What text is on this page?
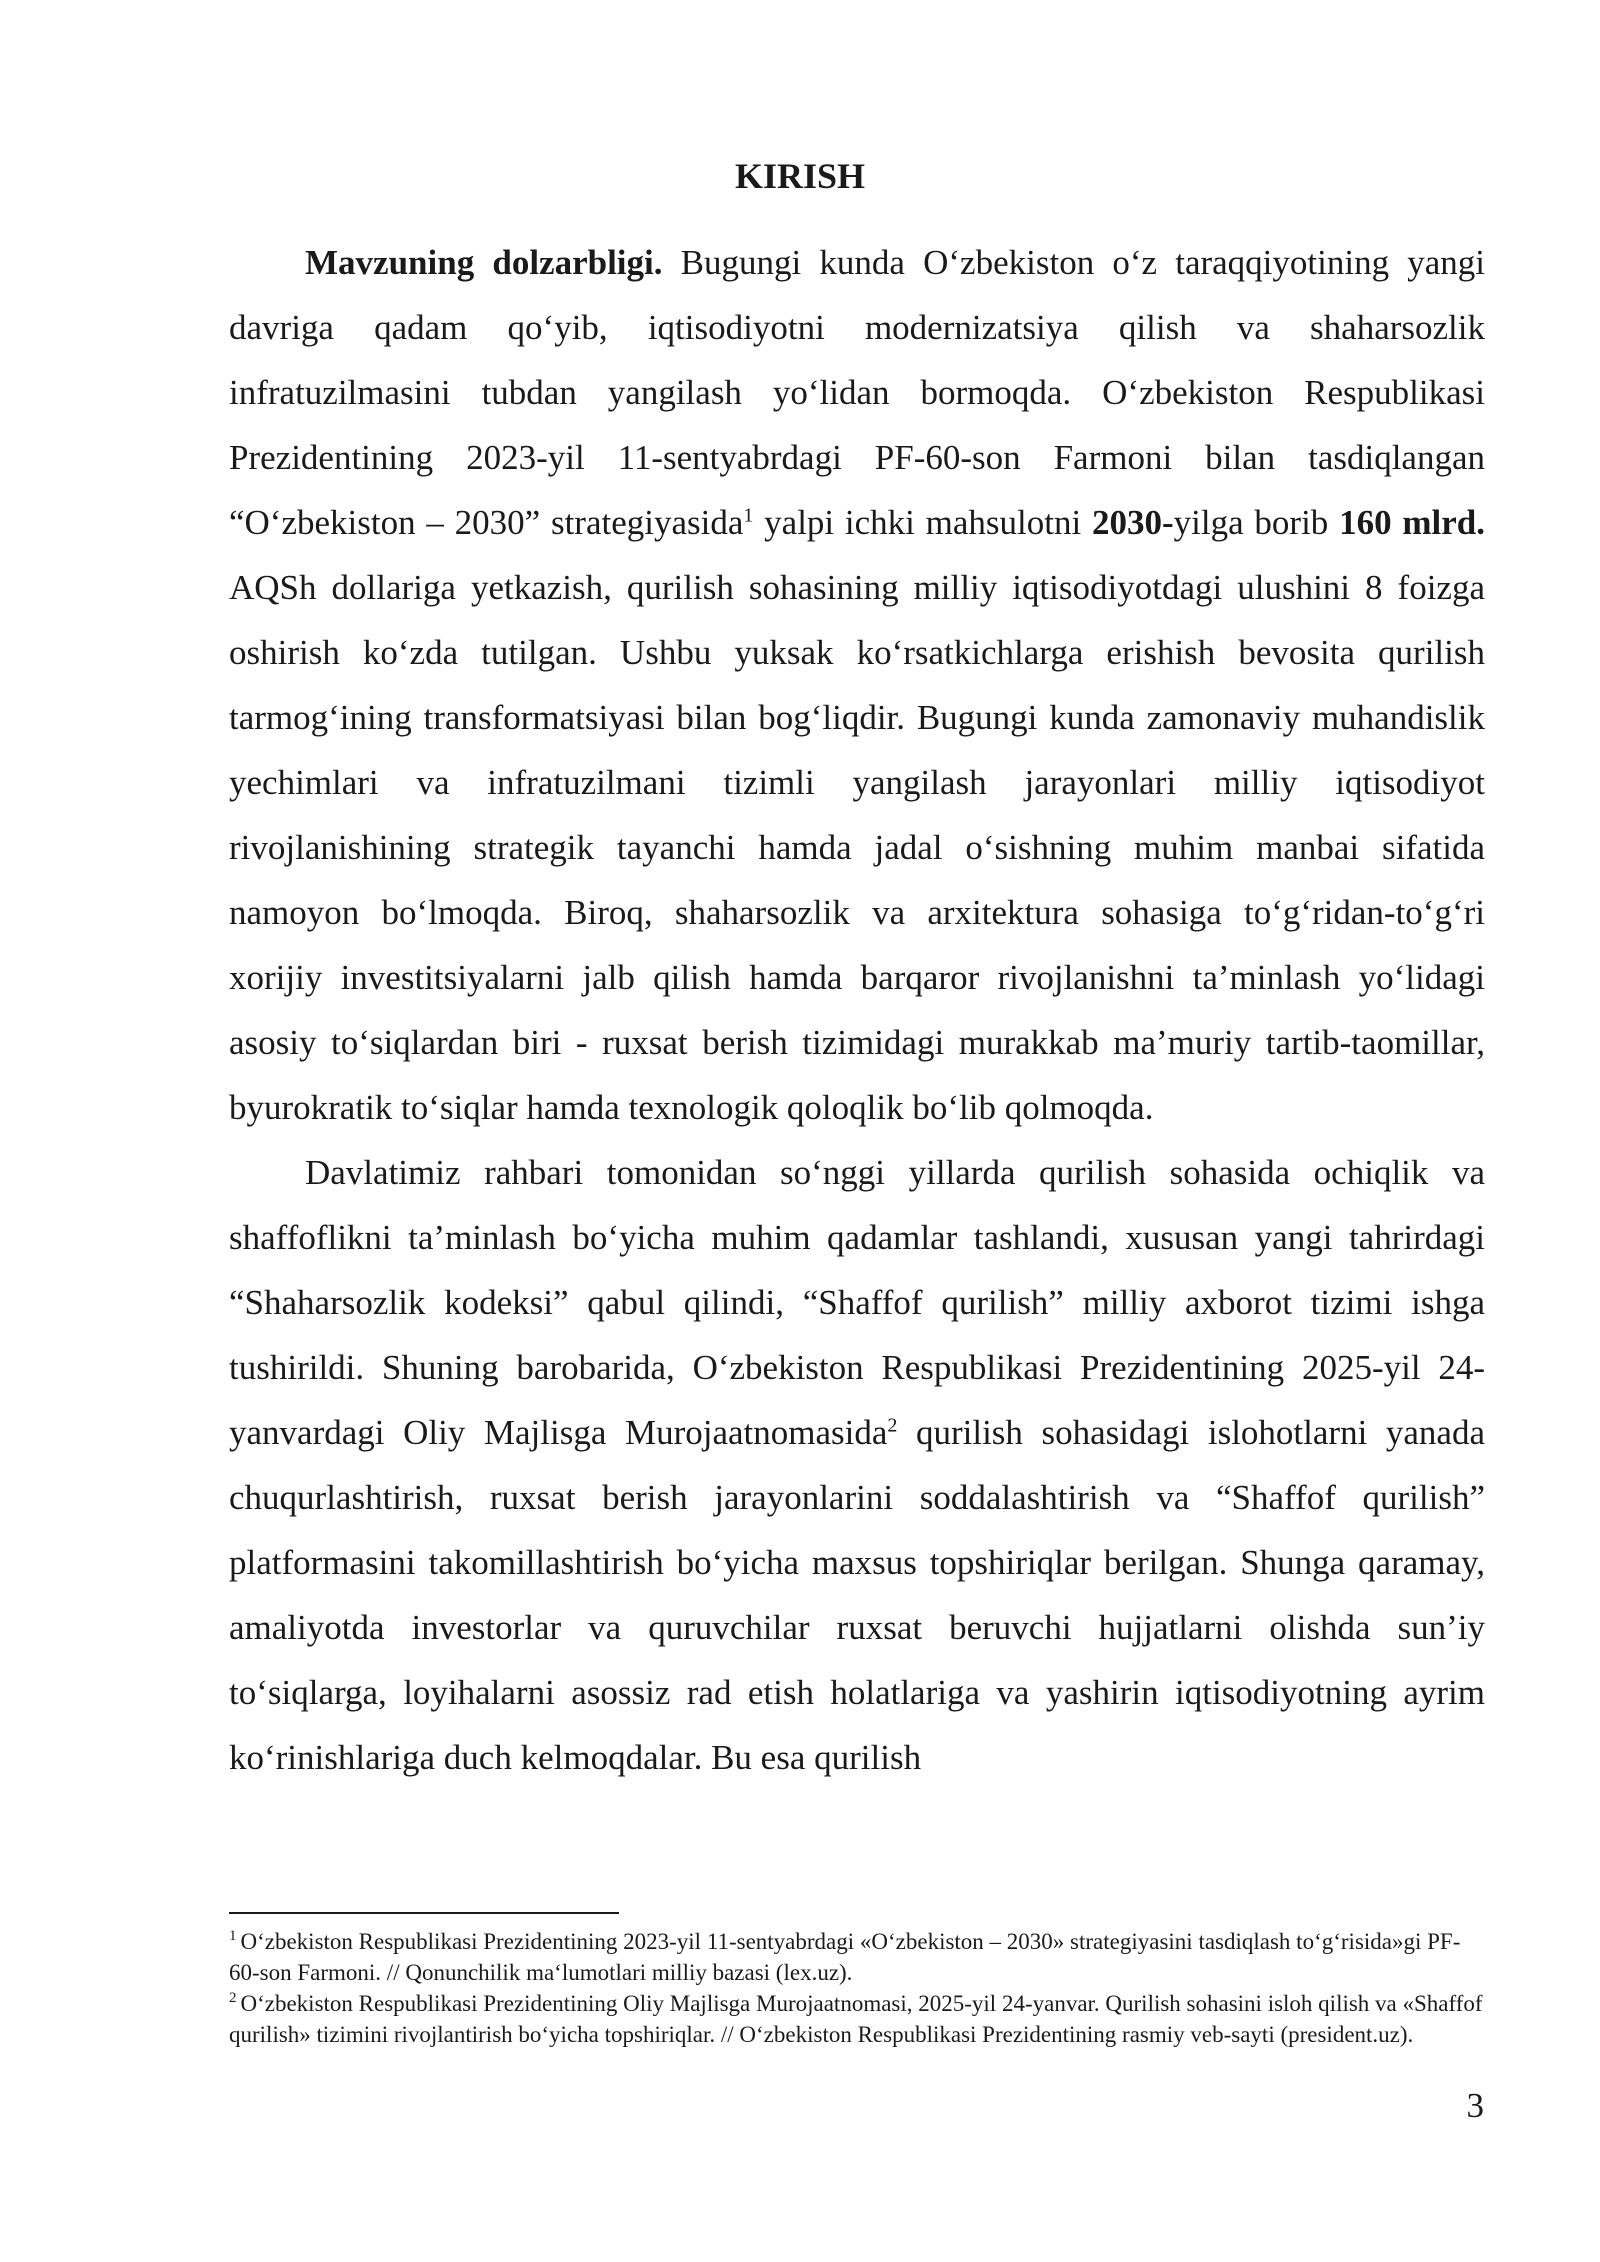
KIRISH

Mavzuning dolzarbligi. Bugungi kunda O‘zbekiston o‘z taraqqiyotining yangi davriga qadam qo‘yib, iqtisodiyotni modernizatsiya qilish va shaharsozlik infratuzilmasini tubdan yangilash yo‘lidan bormoqda. O‘zbekiston Respublikasi Prezidentining 2023-yil 11-sentyabrdagi PF-60-son Farmoni bilan tasdiqlangan “O‘zbekiston – 2030” strategiyasida$^1$ yalpi ichki mahsulotni 2030-yilga borib 160 mlrd. AQSh dollariga yetkazish, qurilish sohasining milliy iqtisodiyotdagi ulushini 8 foizga oshirish ko‘zda tutilgan. Ushbu yuksak ko‘rsatkichlarga erishish bevosita qurilish tarmog‘ining transformatsiyasi bilan bog‘liqdir. Bugungi kunda zamonaviy muhandislik yechimlari va infratuzilmani tizimli yangilash jarayonlari milliy iqtisodiyot rivojlanishining strategik tayanchi hamda jadal o‘sishning muhim manbai sifatida namoyon bo‘lmoqda. Biroq, shaharsozlik va arxitektura sohasiga to‘g‘ridan-to‘g‘ri xorijiy investitsiyalarni jalb qilish hamda barqaror rivojlanishni ta’minlash yo‘lidagi asosiy to‘siqlardan biri - ruxsat berish tizimidagi murakkab ma’muriy tartib-taomillar, byurokratik to‘siqlar hamda texnologik qoloqlik bo‘lib qolmoqda.

Davlatimiz rahbari tomonidan so‘nggi yillarda qurilish sohasida ochiqlik va shaffoflikni ta’minlash bo‘yicha muhim qadamlar tashlandi, xususan yangi tahrirdagi “Shaharsozlik kodeksi” qabul qilindi, “Shaffof qurilish” milliy axborot tizimi ishga tushirildi. Shuning barobarida, O‘zbekiston Respublikasi Prezidentining 2025-yil 24-yanvardagi Oliy Majlisga Murojaatnomasida$^2$ qurilish sohasidagi islohotlarni yanada chuqurlashtirish, ruxsat berish jarayonlarini soddalashtirish va “Shaffof qurilish” platformasini takomillashtirish bo‘yicha maxsus topshiriqlar berilgan. Shunga qaramay, amaliyotda investorlar va quruvchilar ruxsat beruvchi hujjatlarni olishda sun’iy to‘siqlarga, loyihalarni asossiz rad etish holatlariga va yashirin iqtisodiyotning ayrim ko‘rinishlariga duch kelmoqdalar. Bu esa qurilish

$^1$ O‘zbekiston Respublikasi Prezidentining 2023-yil 11-sentyabrdagi «O‘zbekiston – 2030» strategiyasini tasdiqlash to‘g‘risida»gi PF-60-son Farmoni. // Qonunchilik ma‘lumotlari milliy bazasi (lex.uz).
$^2$ O‘zbekiston Respublikasi Prezidentining Oliy Majlisga Murojaatnomasi, 2025-yil 24-yanvar. Qurilish sohasini isloh qilish va «Shaffof qurilish» tizimini rivojlantirish bo‘yicha topshiriqlar. // O‘zbekiston Respublikasi Prezidentining rasmiy veb-sayti (president.uz).
3
